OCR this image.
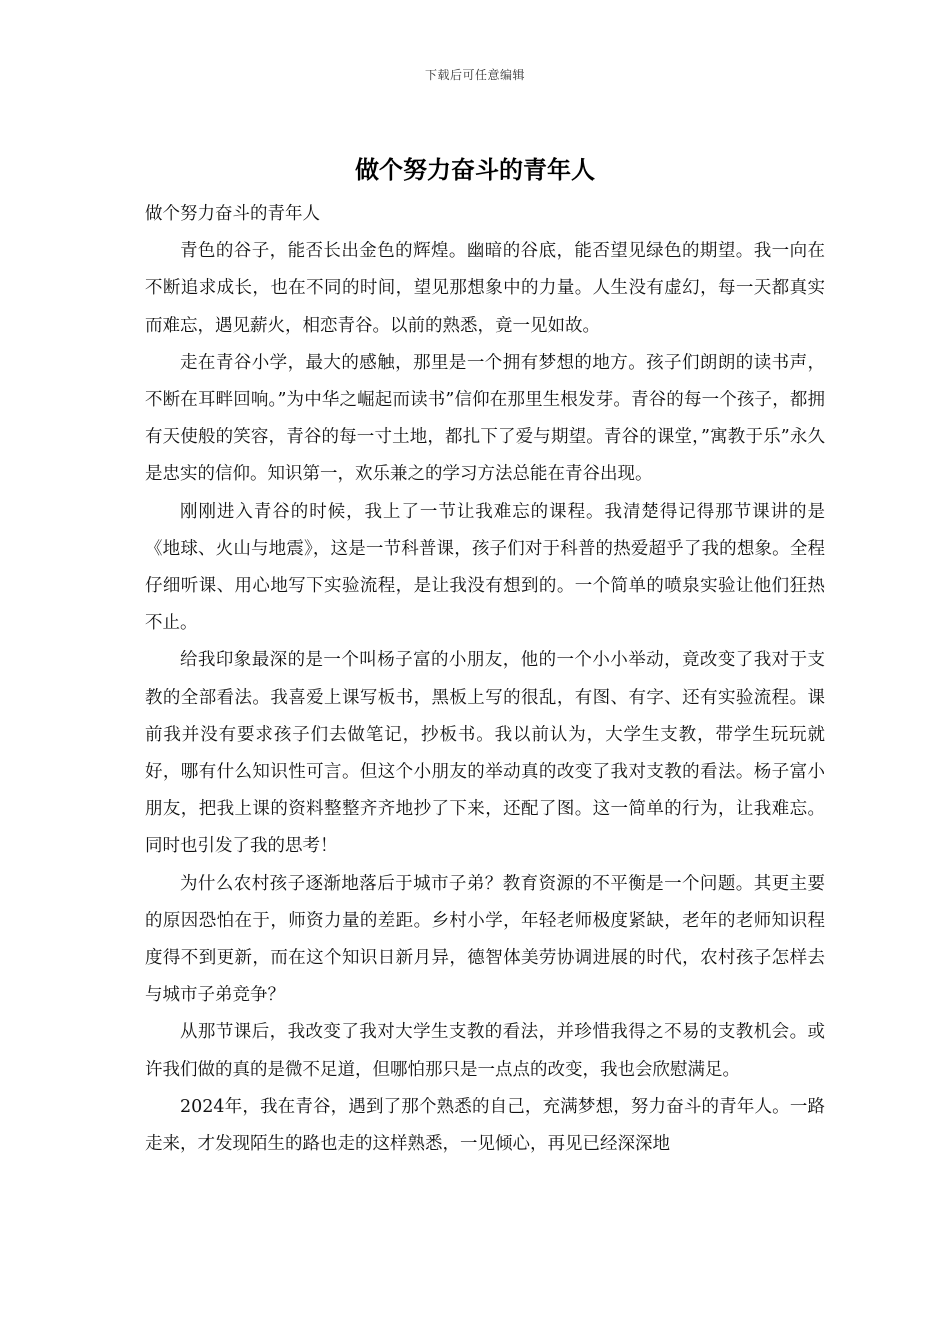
下载后可任意编辑
做个努力奋斗的青年人

做个努力奋斗的青年人

青色的谷子，能否长出金色的辉煌。幽暗的谷底，能否望见绿色的期望。我一向在不断追求成长，也在不同的时间，望见那想象中的力量。人生没有虚幻，每一天都真实而难忘，遇见薪火，相恋青谷。以前的熟悉，竟一见如故。

走在青谷小学，最大的感触，那里是一个拥有梦想的地方。孩子们朗朗的读书声，不断在耳畔回响。”为中华之崛起而读书”信仰在那里生根发芽。青谷的每一个孩子，都拥有天使般的笑容，青谷的每一寸土地，都扎下了爱与期望。青谷的课堂，”寓教于乐”永久是忠实的信仰。知识第一，欢乐兼之的学习方法总能在青谷出现。

刚刚进入青谷的时候，我上了一节让我难忘的课程。我清楚得记得那节课讲的是《地球、火山与地震》，这是一节科普课，孩子们对于科普的热爱超乎了我的想象。全程仔细听课、用心地写下实验流程，是让我没有想到的。一个简单的喷泉实验让他们狂热不止。

给我印象最深的是一个叫杨子富的小朋友，他的一个小小举动，竟改变了我对于支教的全部看法。我喜爱上课写板书，黑板上写的很乱，有图、有字、还有实验流程。课前我并没有要求孩子们去做笔记，抄板书。我以前认为，大学生支教，带学生玩玩就好，哪有什么知识性可言。但这个小朋友的举动真的改变了我对支教的看法。杨子富小朋友，把我上课的资料整整齐齐地抄了下来，还配了图。这一简单的行为，让我难忘。同时也引发了我的思考！

为什么农村孩子逐渐地落后于城市子弟？教育资源的不平衡是一个问题。其更主要的原因恐怕在于，师资力量的差距。乡村小学，年轻老师极度紧缺，老年的老师知识程度得不到更新，而在这个知识日新月异，德智体美劳协调进展的时代，农村孩子怎样去与城市子弟竞争？

从那节课后，我改变了我对大学生支教的看法，并珍惜我得之不易的支教机会。或许我们做的真的是微不足道，但哪怕那只是一点点的改变，我也会欣慰满足。

2024年，我在青谷，遇到了那个熟悉的自己，充满梦想，努力奋斗的青年人。一路走来，才发现陌生的路也走的这样熟悉，一见倾心，再见已经深深地
